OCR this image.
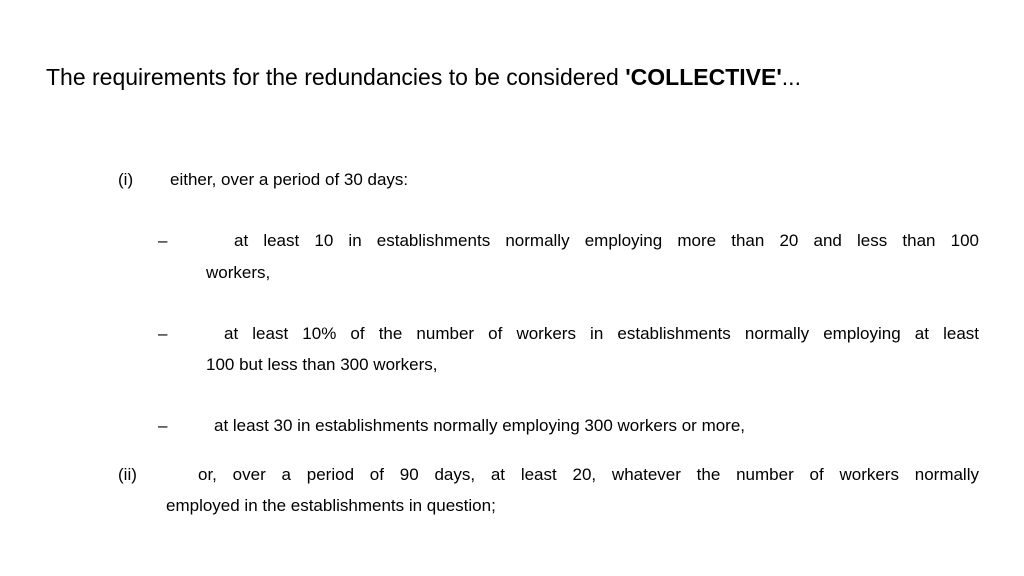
The requirements for the redundancies to be considered 'COLLECTIVE'...
(i) either, over a period of 30 days:
–	at least 10 in establishments normally employing more than 20 and less than 100
workers,
–	at least 10% of the number of workers in establishments normally employing at least
100 but less than 300 workers,
–	at least 30 in establishments normally employing 300 workers or more,
(ii)	or, over a period of 90 days, at least 20, whatever the number of workers normally
employed in the establishments in question;
